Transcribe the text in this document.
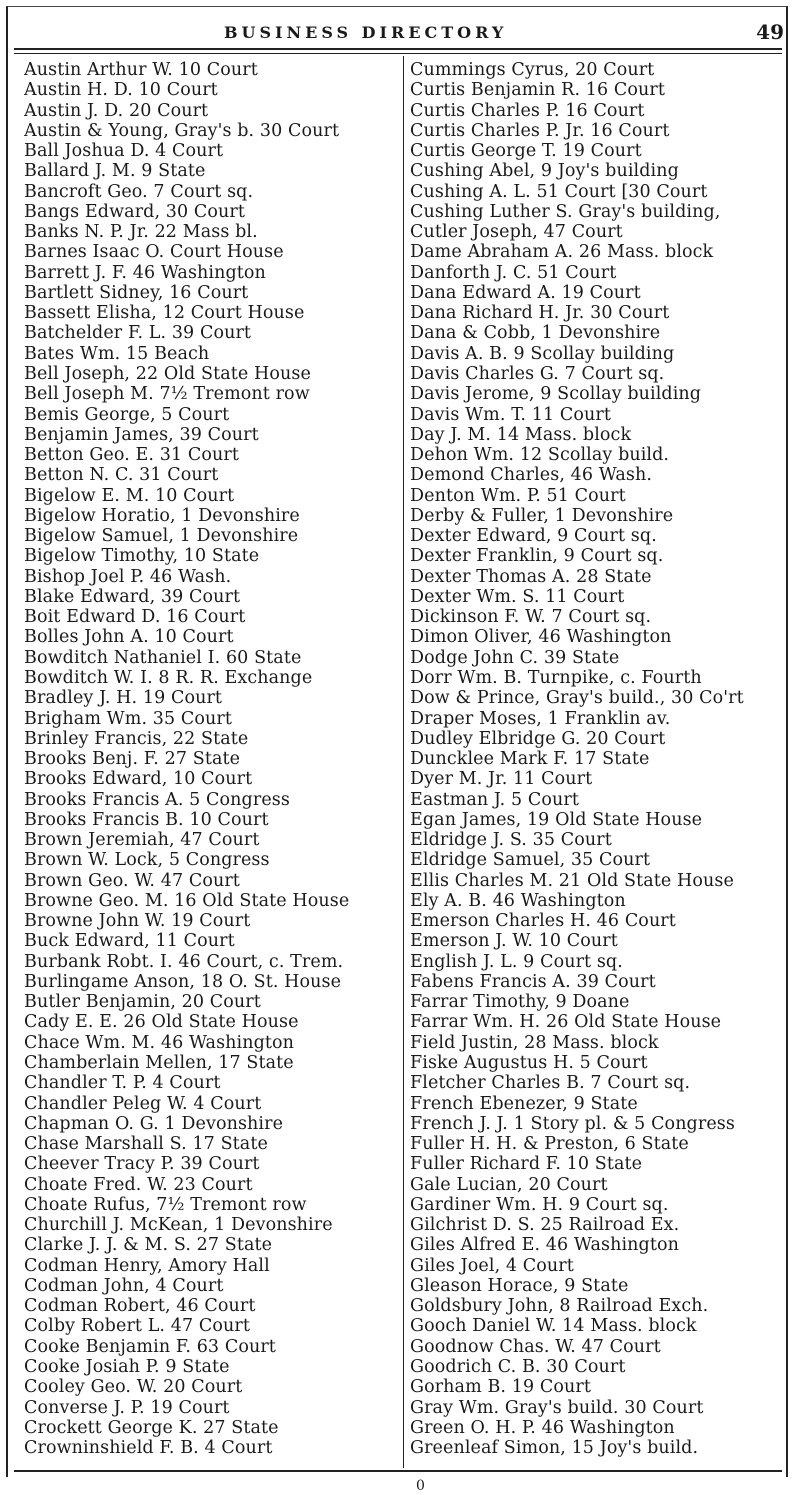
BUSINESS DIRECTORY	49
Austin Arthur W. 10 Court
Austin H. D. 10 Court
Austin J. D. 20 Court
Austin & Young, Gray's b. 30 Court
Ball Joshua D. 4 Court
Ballard J. M. 9 State
Bancroft Geo. 7 Court sq.
Bangs Edward, 30 Court
Banks N. P. Jr. 22 Mass bl.
Barnes Isaac O. Court House
Barrett J. F. 46 Washington
Bartlett Sidney, 16 Court
Bassett Elisha, 12 Court House
Batchelder F. L. 39 Court
Bates Wm. 15 Beach
Bell Joseph, 22 Old State House
Bell Joseph M. 7½ Tremont row
Bemis George, 5 Court
Benjamin James, 39 Court
Betton Geo. E. 31 Court
Betton N. C. 31 Court
Bigelow E. M. 10 Court
Bigelow Horatio, 1 Devonshire
Bigelow Samuel, 1 Devonshire
Bigelow Timothy, 10 State
Bishop Joel P. 46 Wash.
Blake Edward, 39 Court
Boit Edward D. 16 Court
Bolles John A. 10 Court
Bowditch Nathaniel I. 60 State
Bowditch W. I. 8 R. R. Exchange
Bradley J. H. 19 Court
Brigham Wm. 35 Court
Brinley Francis, 22 State
Brooks Benj. F. 27 State
Brooks Edward, 10 Court
Brooks Francis A. 5 Congress
Brooks Francis B. 10 Court
Brown Jeremiah, 47 Court
Brown W. Lock, 5 Congress
Brown Geo. W. 47 Court
Browne Geo. M. 16 Old State House
Browne John W. 19 Court
Buck Edward, 11 Court
Burbank Robt. I. 46 Court, c. Trem.
Burlingame Anson, 18 O. St. House
Butler Benjamin, 20 Court
Cady E. E. 26 Old State House
Chace Wm. M. 46 Washington
Chamberlain Mellen, 17 State
Chandler T. P. 4 Court
Chandler Peleg W. 4 Court
Chapman O. G. 1 Devonshire
Chase Marshall S. 17 State
Cheever Tracy P. 39 Court
Choate Fred. W. 23 Court
Choate Rufus, 7½ Tremont row
Churchill J. McKean, 1 Devonshire
Clarke J. J. & M. S. 27 State
Codman Henry, Amory Hall
Codman John, 4 Court
Codman Robert, 46 Court
Colby Robert L. 47 Court
Cooke Benjamin F. 63 Court
Cooke Josiah P. 9 State
Cooley Geo. W. 20 Court
Converse J. P. 19 Court
Crockett George K. 27 State
Crowninshield F. B. 4 Court
Cummings Cyrus, 20 Court
Curtis Benjamin R. 16 Court
Curtis Charles P. 16 Court
Curtis Charles P. Jr. 16 Court
Curtis George T. 19 Court
Cushing Abel, 9 Joy's building
Cushing A. L. 51 Court [30 Court
Cushing Luther S. Gray's building,
Cutler Joseph, 47 Court
Dame Abraham A. 26 Mass. block
Danforth J. C. 51 Court
Dana Edward A. 19 Court
Dana Richard H. Jr. 30 Court
Dana & Cobb, 1 Devonshire
Davis A. B. 9 Scollay building
Davis Charles G. 7 Court sq.
Davis Jerome, 9 Scollay building
Davis Wm. T. 11 Court
Day J. M. 14 Mass. block
Dehon Wm. 12 Scollay build.
Demond Charles, 46 Wash.
Denton Wm. P. 51 Court
Derby & Fuller, 1 Devonshire
Dexter Edward, 9 Court sq.
Dexter Franklin, 9 Court sq.
Dexter Thomas A. 28 State
Dexter Wm. S. 11 Court
Dickinson F. W. 7 Court sq.
Dimon Oliver, 46 Washington
Dodge John C. 39 State
Dorr Wm. B. Turnpike, c. Fourth
Dow & Prince, Gray's build., 30 Co'rt
Draper Moses, 1 Franklin av.
Dudley Elbridge G. 20 Court
Duncklee Mark F. 17 State
Dyer M. Jr. 11 Court
Eastman J. 5 Court
Egan James, 19 Old State House
Eldridge J. S. 35 Court
Eldridge Samuel, 35 Court
Ellis Charles M. 21 Old State House
Ely A. B. 46 Washington
Emerson Charles H. 46 Court
Emerson J. W. 10 Court
English J. L. 9 Court sq.
Fabens Francis A. 39 Court
Farrar Timothy, 9 Doane
Farrar Wm. H. 26 Old State House
Field Justin, 28 Mass. block
Fiske Augustus H. 5 Court
Fletcher Charles B. 7 Court sq.
French Ebenezer, 9 State
French J. J. 1 Story pl. & 5 Congress
Fuller H. H. & Preston, 6 State
Fuller Richard F. 10 State
Gale Lucian, 20 Court
Gardiner Wm. H. 9 Court sq.
Gilchrist D. S. 25 Railroad Ex.
Giles Alfred E. 46 Washington
Giles Joel, 4 Court
Gleason Horace, 9 State
Goldsbury John, 8 Railroad Exch.
Gooch Daniel W. 14 Mass. block
Goodnow Chas. W. 47 Court
Goodrich C. B. 30 Court
Gorham B. 19 Court
Gray Wm. Gray's build. 30 Court
Green O. H. P. 46 Washington
Greenleaf Simon, 15 Joy's build.
0
